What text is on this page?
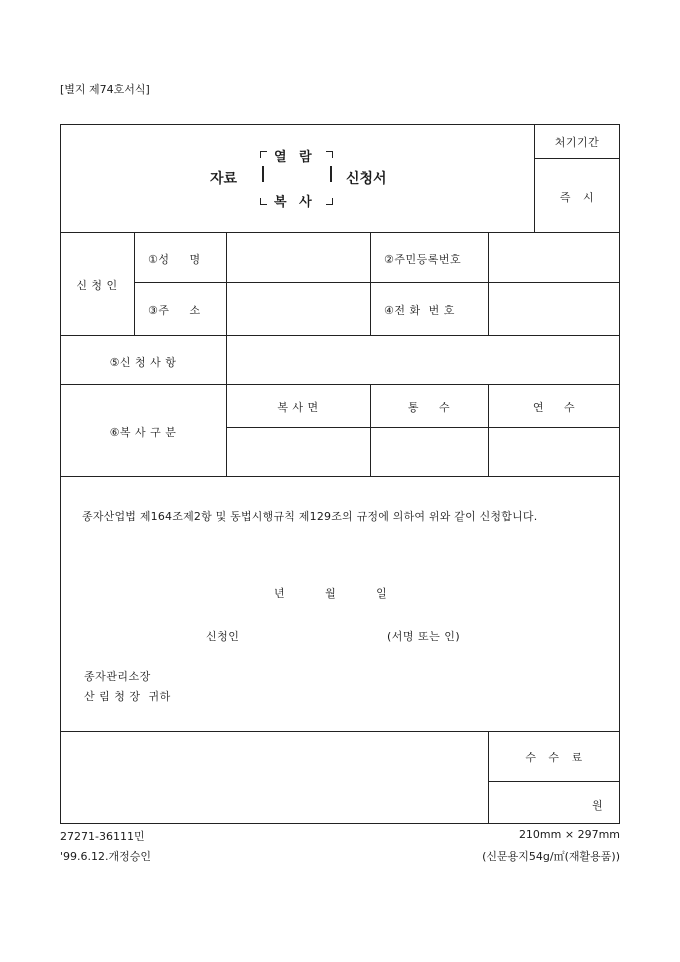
[별지 제74호서식]
자료
열 람
복 사
신청서
처기기간
즉   시
신 청 인
①성     명	②주민등록번호
③주     소	④전 화  번 호
⑤신 청 사 항
⑥복 사 구 분
복 사 면	통     수	연     수
종자산업법 제164조제2항 및 동법시행규칙 제129조의 규정에 의하여 위와 같이 신청합니다.
년          월          일
신청인	(서명 또는 인)
종자관리소장
산 림 청 장  귀하
수   수   료
원
27271-36111민
'99.6.12.개정승인
210mm × 297mm
(신문용지54g/㎡(재활용품))
